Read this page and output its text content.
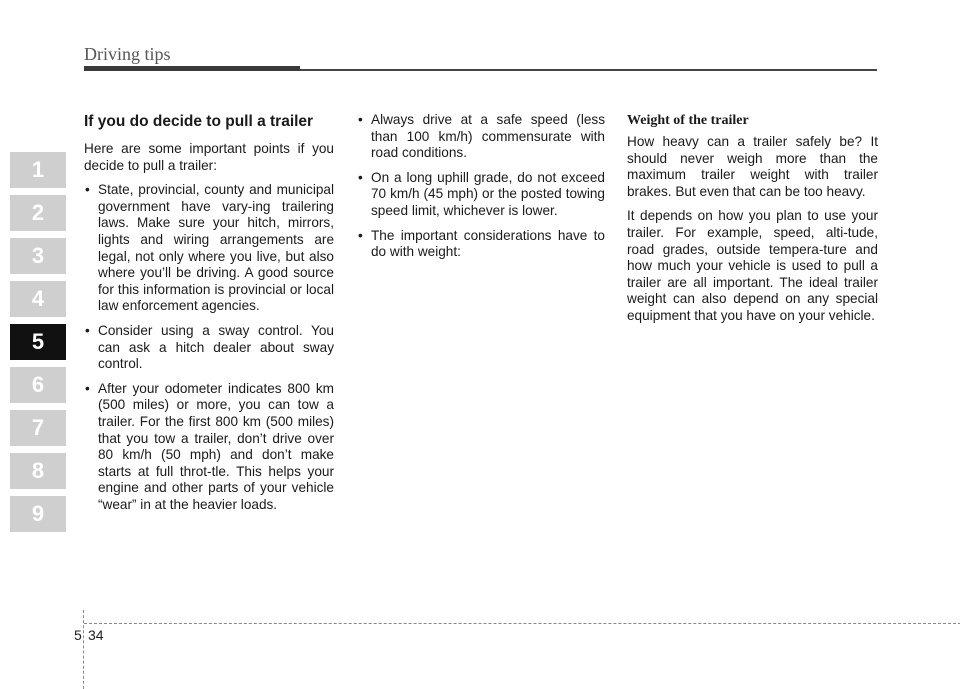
Driving tips
1
2
3
4
5
6
7
8
9
If you do decide to pull a trailer

Here are some important points if you decide to pull a trailer:

• State, provincial, county and municipal government have vary-ing trailering laws. Make sure your hitch, mirrors, lights and wiring arrangements are legal, not only where you live, but also where you’ll be driving. A good source for this information is provincial or local law enforcement agencies.
• Consider using a sway control. You can ask a hitch dealer about sway control.
• After your odometer indicates 800 km (500 miles) or more, you can tow a trailer. For the first 800 km (500 miles) that you tow a trailer, don’t drive over 80 km/h (50 mph) and don’t make starts at full throt-tle. This helps your engine and other parts of your vehicle “wear” in at the heavier loads.
• Always drive at a safe speed (less than 100 km/h) commensurate with road conditions.
• On a long uphill grade, do not exceed 70 km/h (45 mph) or the posted towing speed limit, whichever is lower.
• The important considerations have to do with weight:
Weight of the trailer

How heavy can a trailer safely be? It should never weigh more than the maximum trailer weight with trailer brakes. But even that can be too heavy.

It depends on how you plan to use your trailer. For example, speed, alti-tude, road grades, outside tempera-ture and how much your vehicle is used to pull a trailer are all important. The ideal trailer weight can also depend on any special equipment that you have on your vehicle.

5 34
